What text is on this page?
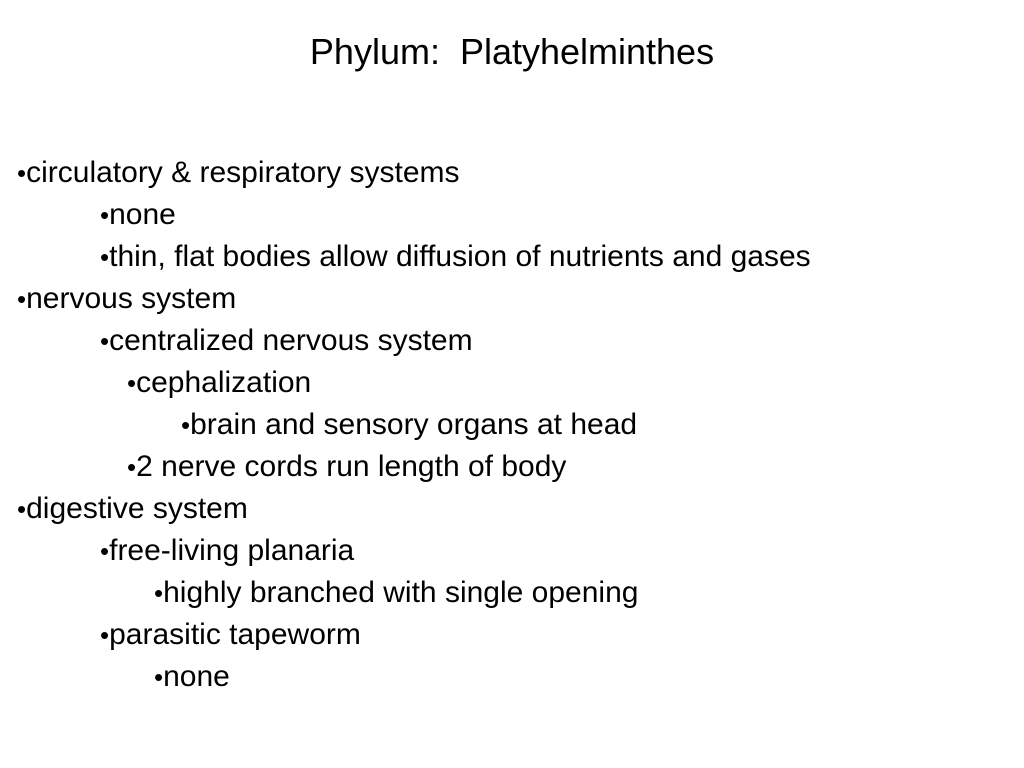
Phylum:  Platyhelminthes
•circulatory & respiratory systems
•none
•thin, flat bodies allow diffusion of nutrients and gases
•nervous system
•centralized nervous system
•cephalization
•brain and sensory organs at head
•2 nerve cords run length of body
•digestive system
•free-living planaria
•highly branched with single opening
•parasitic tapeworm
•none
